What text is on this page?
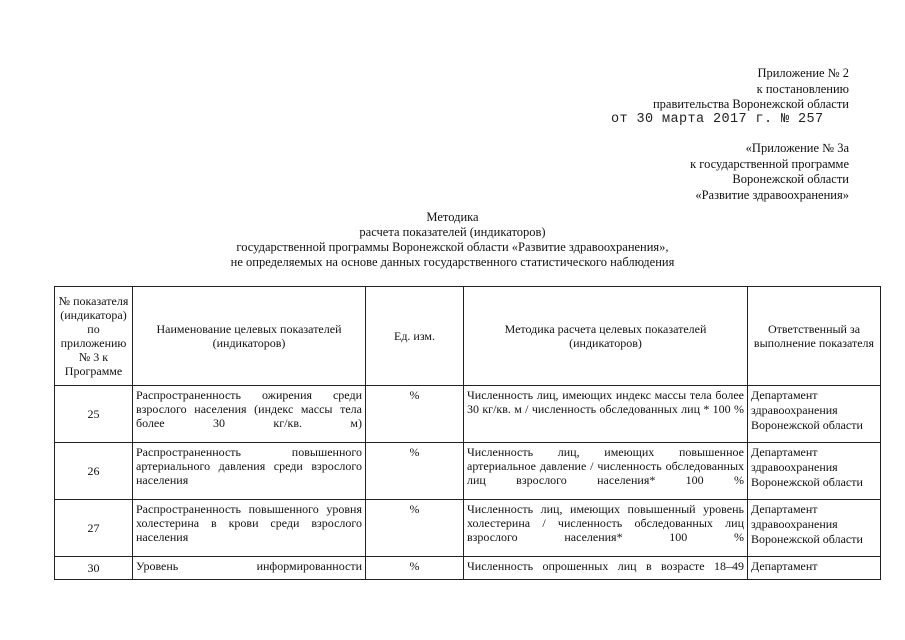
Приложение № 2
к постановлению
правительства Воронежской области
от 30 марта 2017 г. № 257
«Приложение № 3а
к государственной программе
Воронежской области
«Развитие здравоохранения»
Методика
расчета показателей (индикаторов)
государственной программы Воронежской области «Развитие здравоохранения»,
не определяемых на основе данных государственного статистического наблюдения
№ показателя (индикатора) по приложению № 3 к Программе	Наименование целевых показателей (индикаторов)	Ед. изм.	Методика расчета целевых показателей (индикаторов)	Ответственный за выполнение показателя
25	Распространенность ожирения среди взрослого населения (индекс массы тела более 30 кг/кв. м)	%	Численность лиц, имеющих индекс массы тела более 30 кг/кв. м / численность обследованных лиц * 100 %	Департамент здравоохранения Воронежской области
26	Распространенность повышенного артериального давления среди взрослого населения	%	Численность лиц, имеющих повышенное артериальное давление / численность обследованных лиц взрослого населения* 100 %	Департамент здравоохранения Воронежской области
27	Распространенность повышенного уровня холестерина в крови среди взрослого населения	%	Численность лиц, имеющих повышенный уровень холестерина / численность обследованных лиц взрослого населения* 100 %	Департамент здравоохранения Воронежской области
30	Уровень информированности	%	Численность опрошенных лиц в возрасте 18–49	Департамент
